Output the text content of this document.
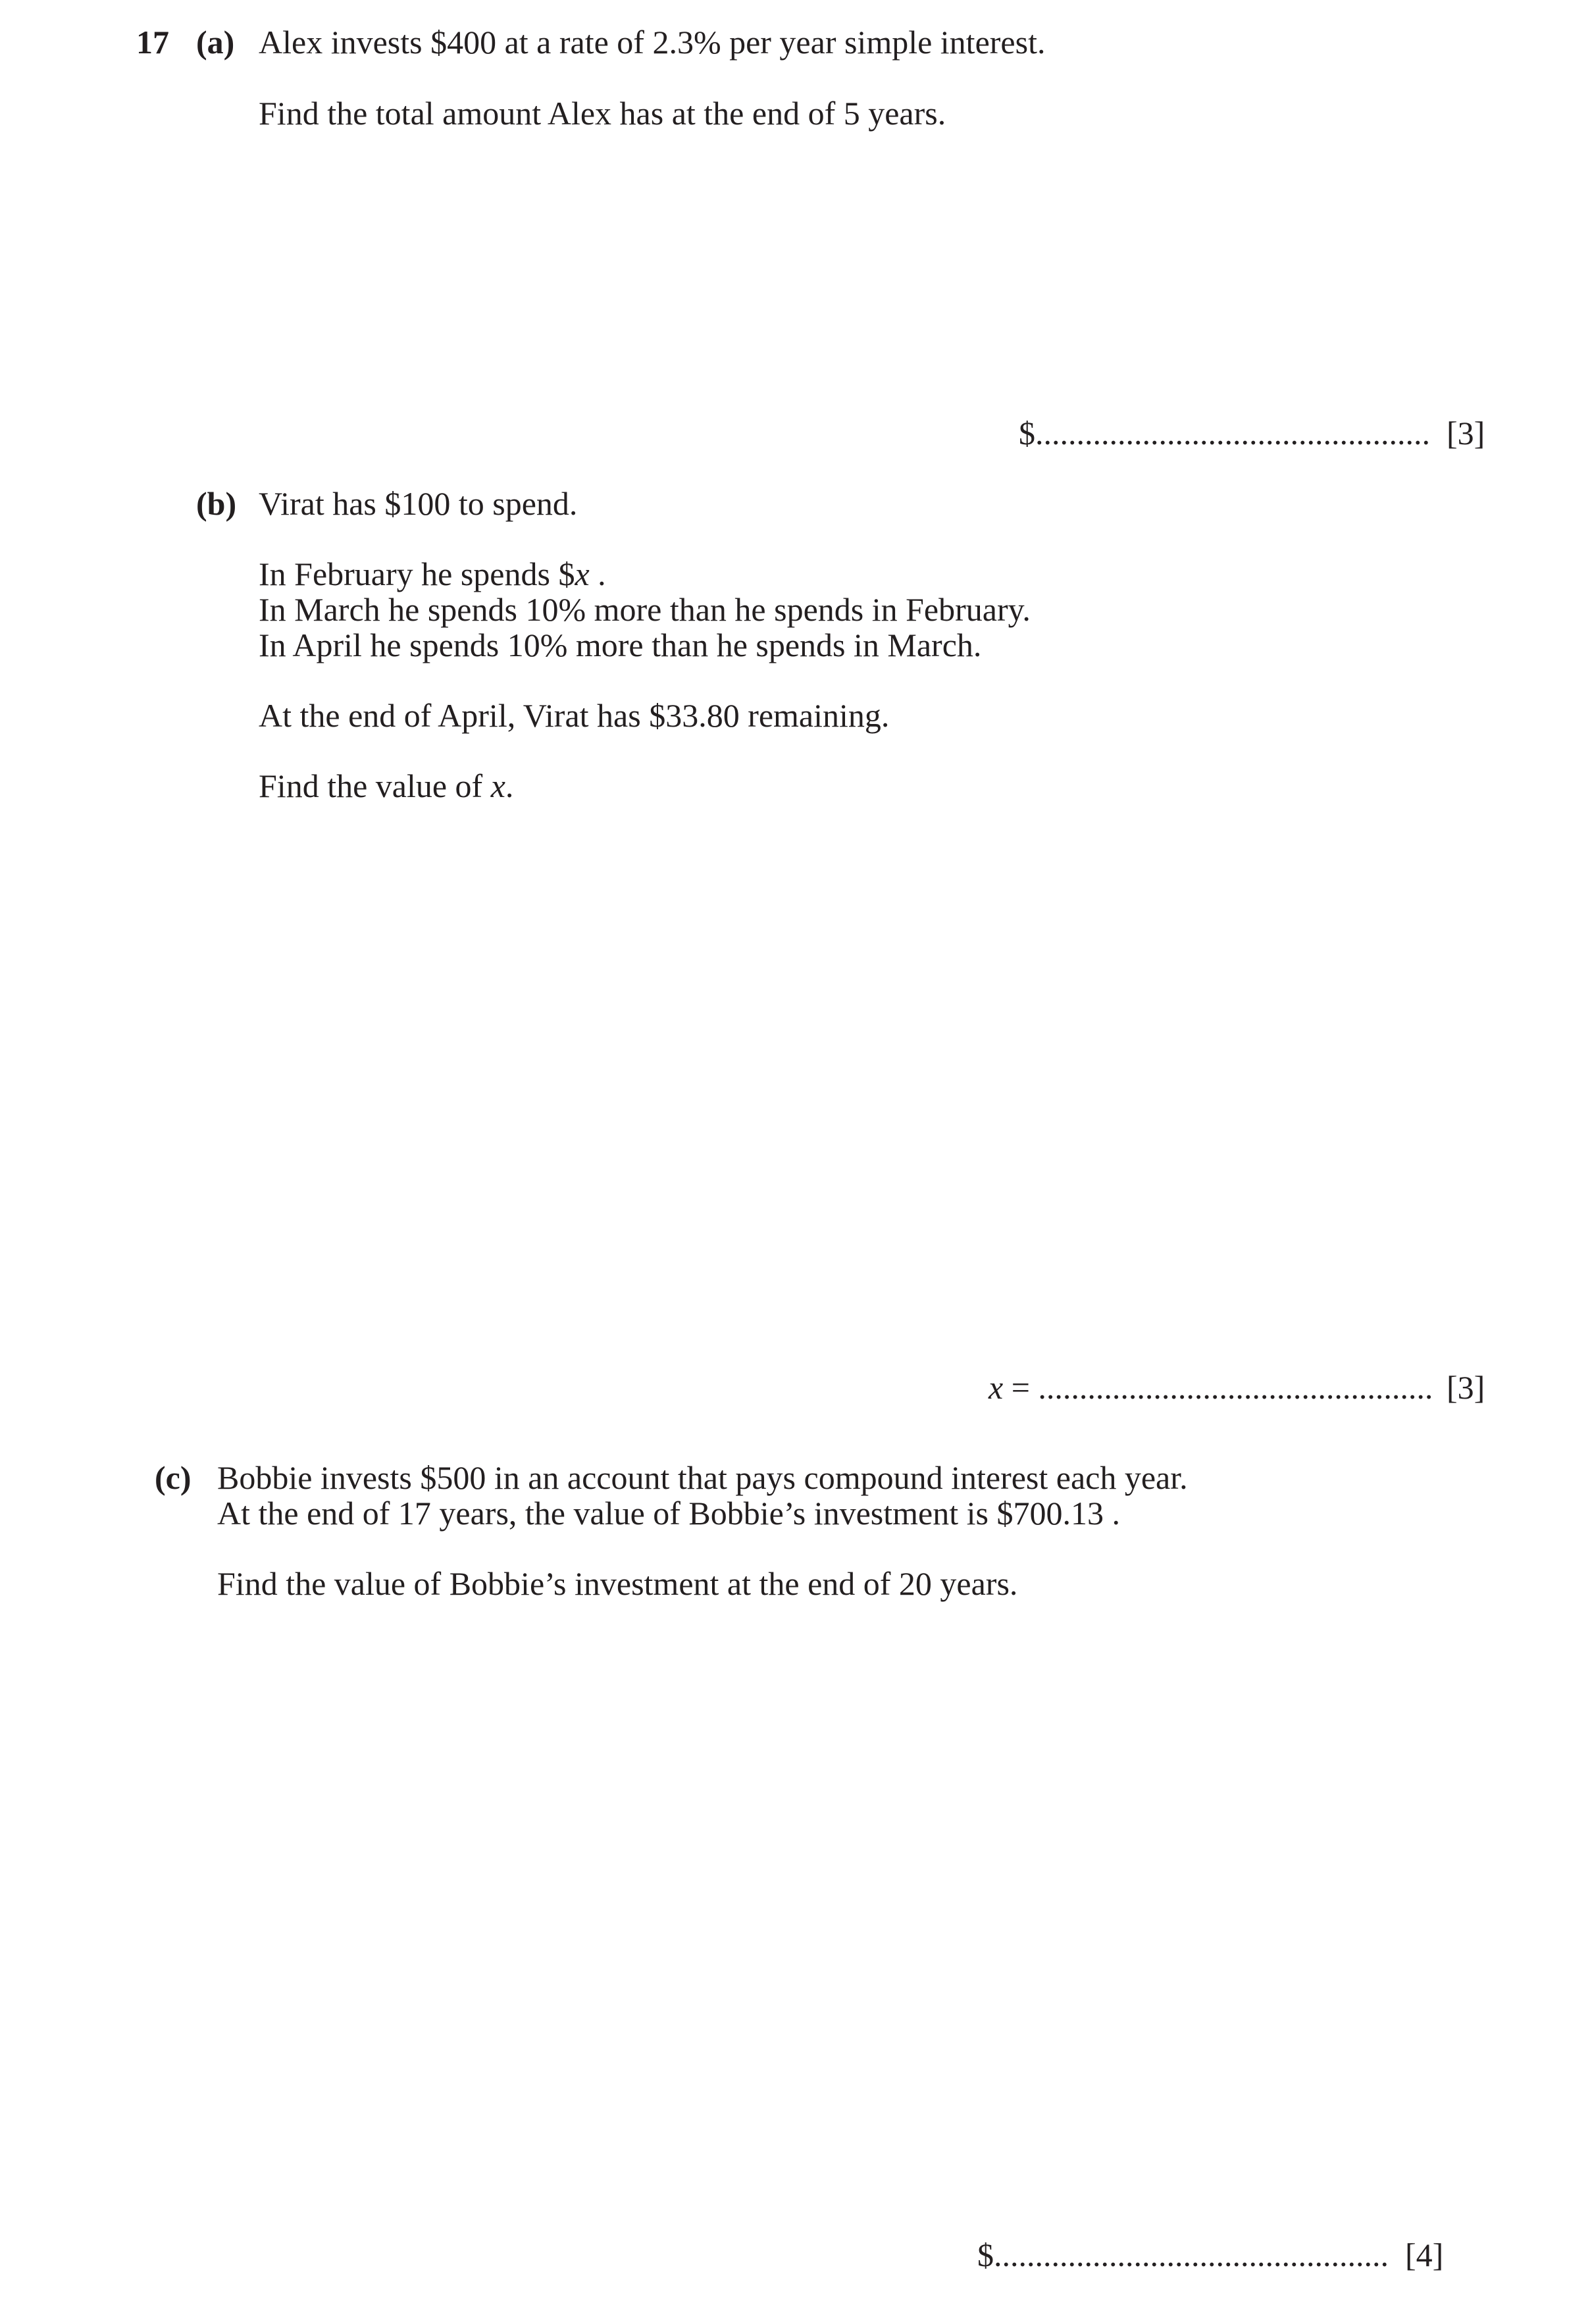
17 (a) Alex invests $400 at a rate of 2.3% per year simple interest.
Find the total amount Alex has at the end of 5 years.
$ ................................................ [3]
(b) Virat has $100 to spend.
In February he spends $x .
In March he spends 10% more than he spends in February.
In April he spends 10% more than he spends in March.
At the end of April, Virat has $33.80 remaining.
Find the value of x.
x = ................................................ [3]
(c) Bobbie invests $500 in an account that pays compound interest each year.
At the end of 17 years, the value of Bobbie’s investment is $700.13 .
Find the value of Bobbie’s investment at the end of 20 years.
$ ................................................ [4]
